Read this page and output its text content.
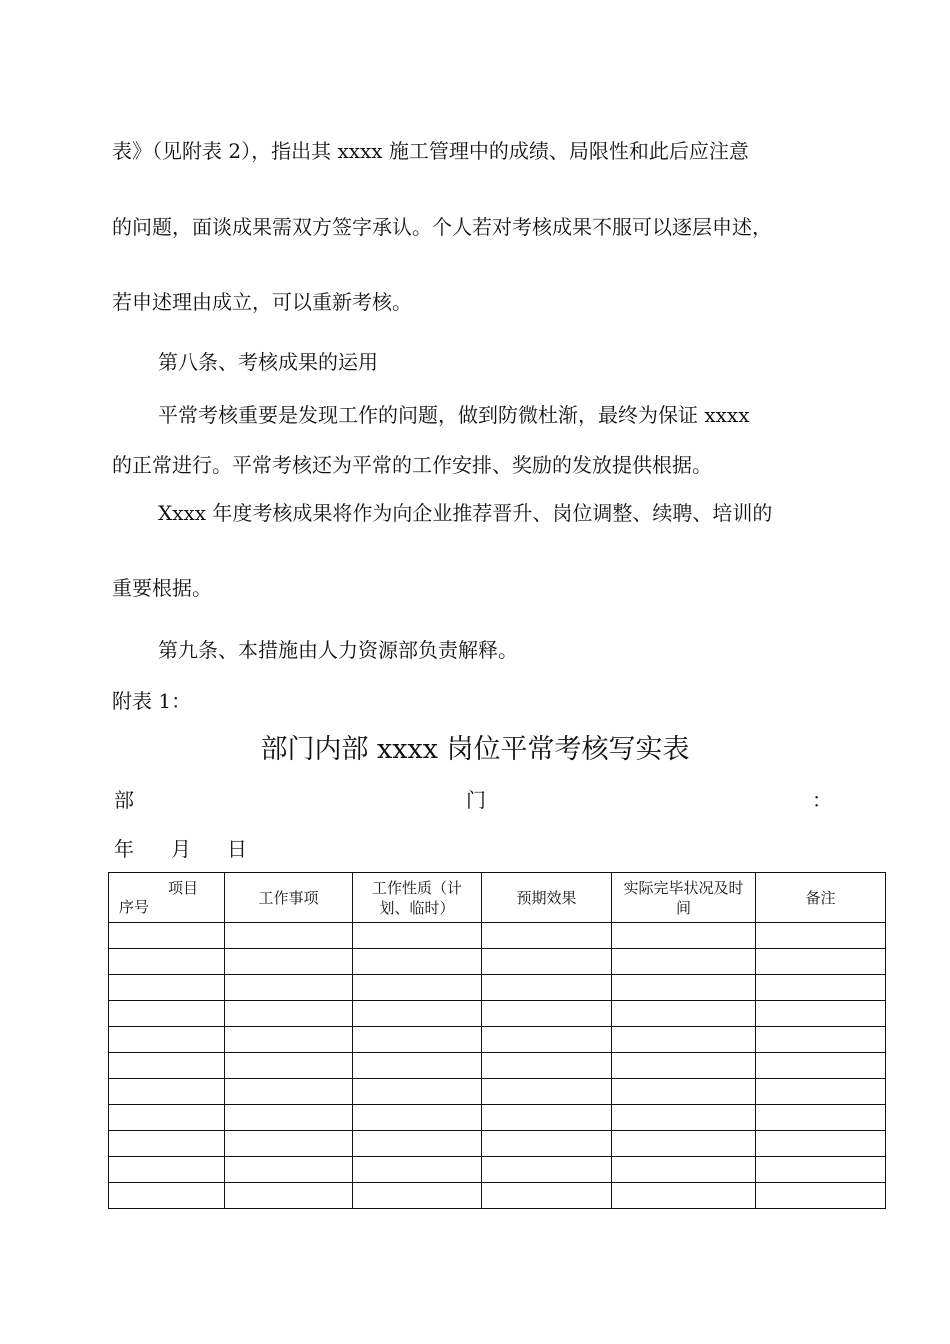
表》（见附表 2），指出其 xxxx 施工管理中的成绩、局限性和此后应注意
的问题，面谈成果需双方签字承认。个人若对考核成果不服可以逐层申述，
若申述理由成立，可以重新考核。
第八条、考核成果的运用
平常考核重要是发现工作的问题，做到防微杜渐，最终为保证 xxxx
的正常进行。平常考核还为平常的工作安排、奖励的发放提供根据。
Xxxx 年度考核成果将作为向企业推荐晋升、岗位调整、续聘、培训的
重要根据。
第九条、本措施由人力资源部负责解释。
附表 1：
部门内部 xxxx 岗位平常考核写实表
部	门	：
年 月 日
项目
序号	工作事项	工作性质（计划、临时）	预期效果	实际完毕状况及时间	备注
